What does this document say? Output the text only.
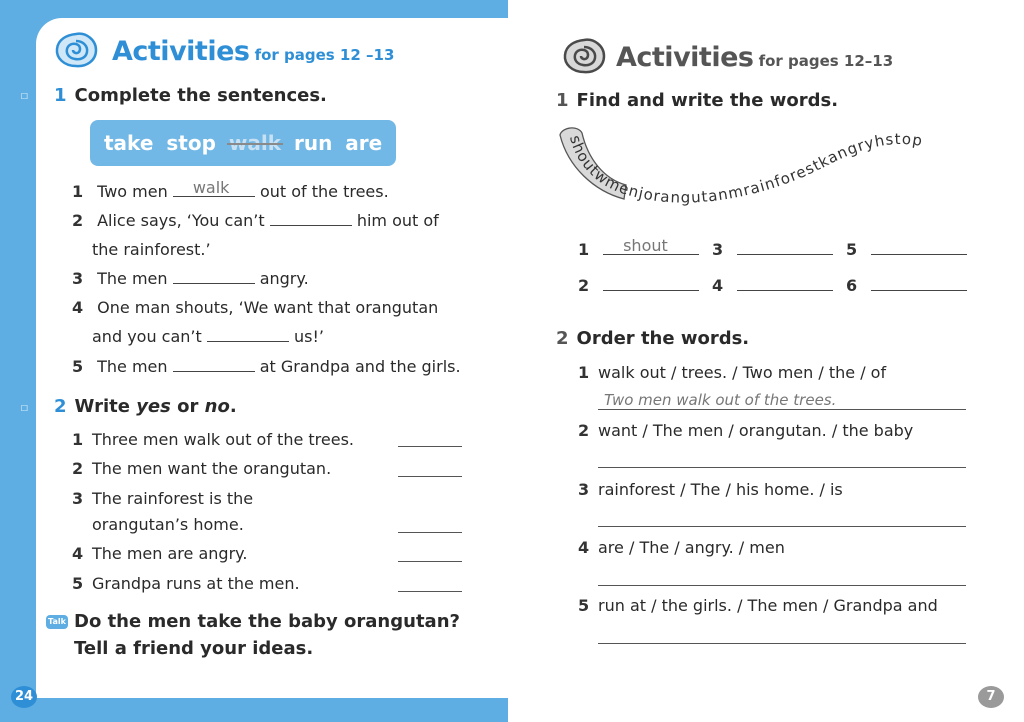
Activities for pages 12 –13
☐ 1 Complete the sentences.
take stop walk run are
1 Two men walk out of the trees.
2 Alice says, ‘You can’t	him out of
the rainforest.’
3 The men	angry.
4 One man shouts, ‘We want that orangutan
and you can’t	us!’
5 The men	at Grandpa and the girls.
☐ 2 Write yes or no.
1 Three men walk out of the trees.
2 The men want the orangutan.
3 The rainforest is the
orangutan’s home.
4 The men are angry.
5 Grandpa runs at the men.
Talk Do the men take the baby orangutan?
Tell a friend your ideas.
24
Activities for pages 12–13
1 Find and write the words.
shoutwmenjorangutanmrainforestkangryhstop
1 shout	3	5
2	4	6
2 Order the words.
1 walk out / trees. / Two men / the / of
Two men walk out of the trees.
2 want / The men / orangutan. / the baby
3 rainforest / The / his home. / is
4 are / The / angry. / men
5 run at / the girls. / The men / Grandpa and
7
